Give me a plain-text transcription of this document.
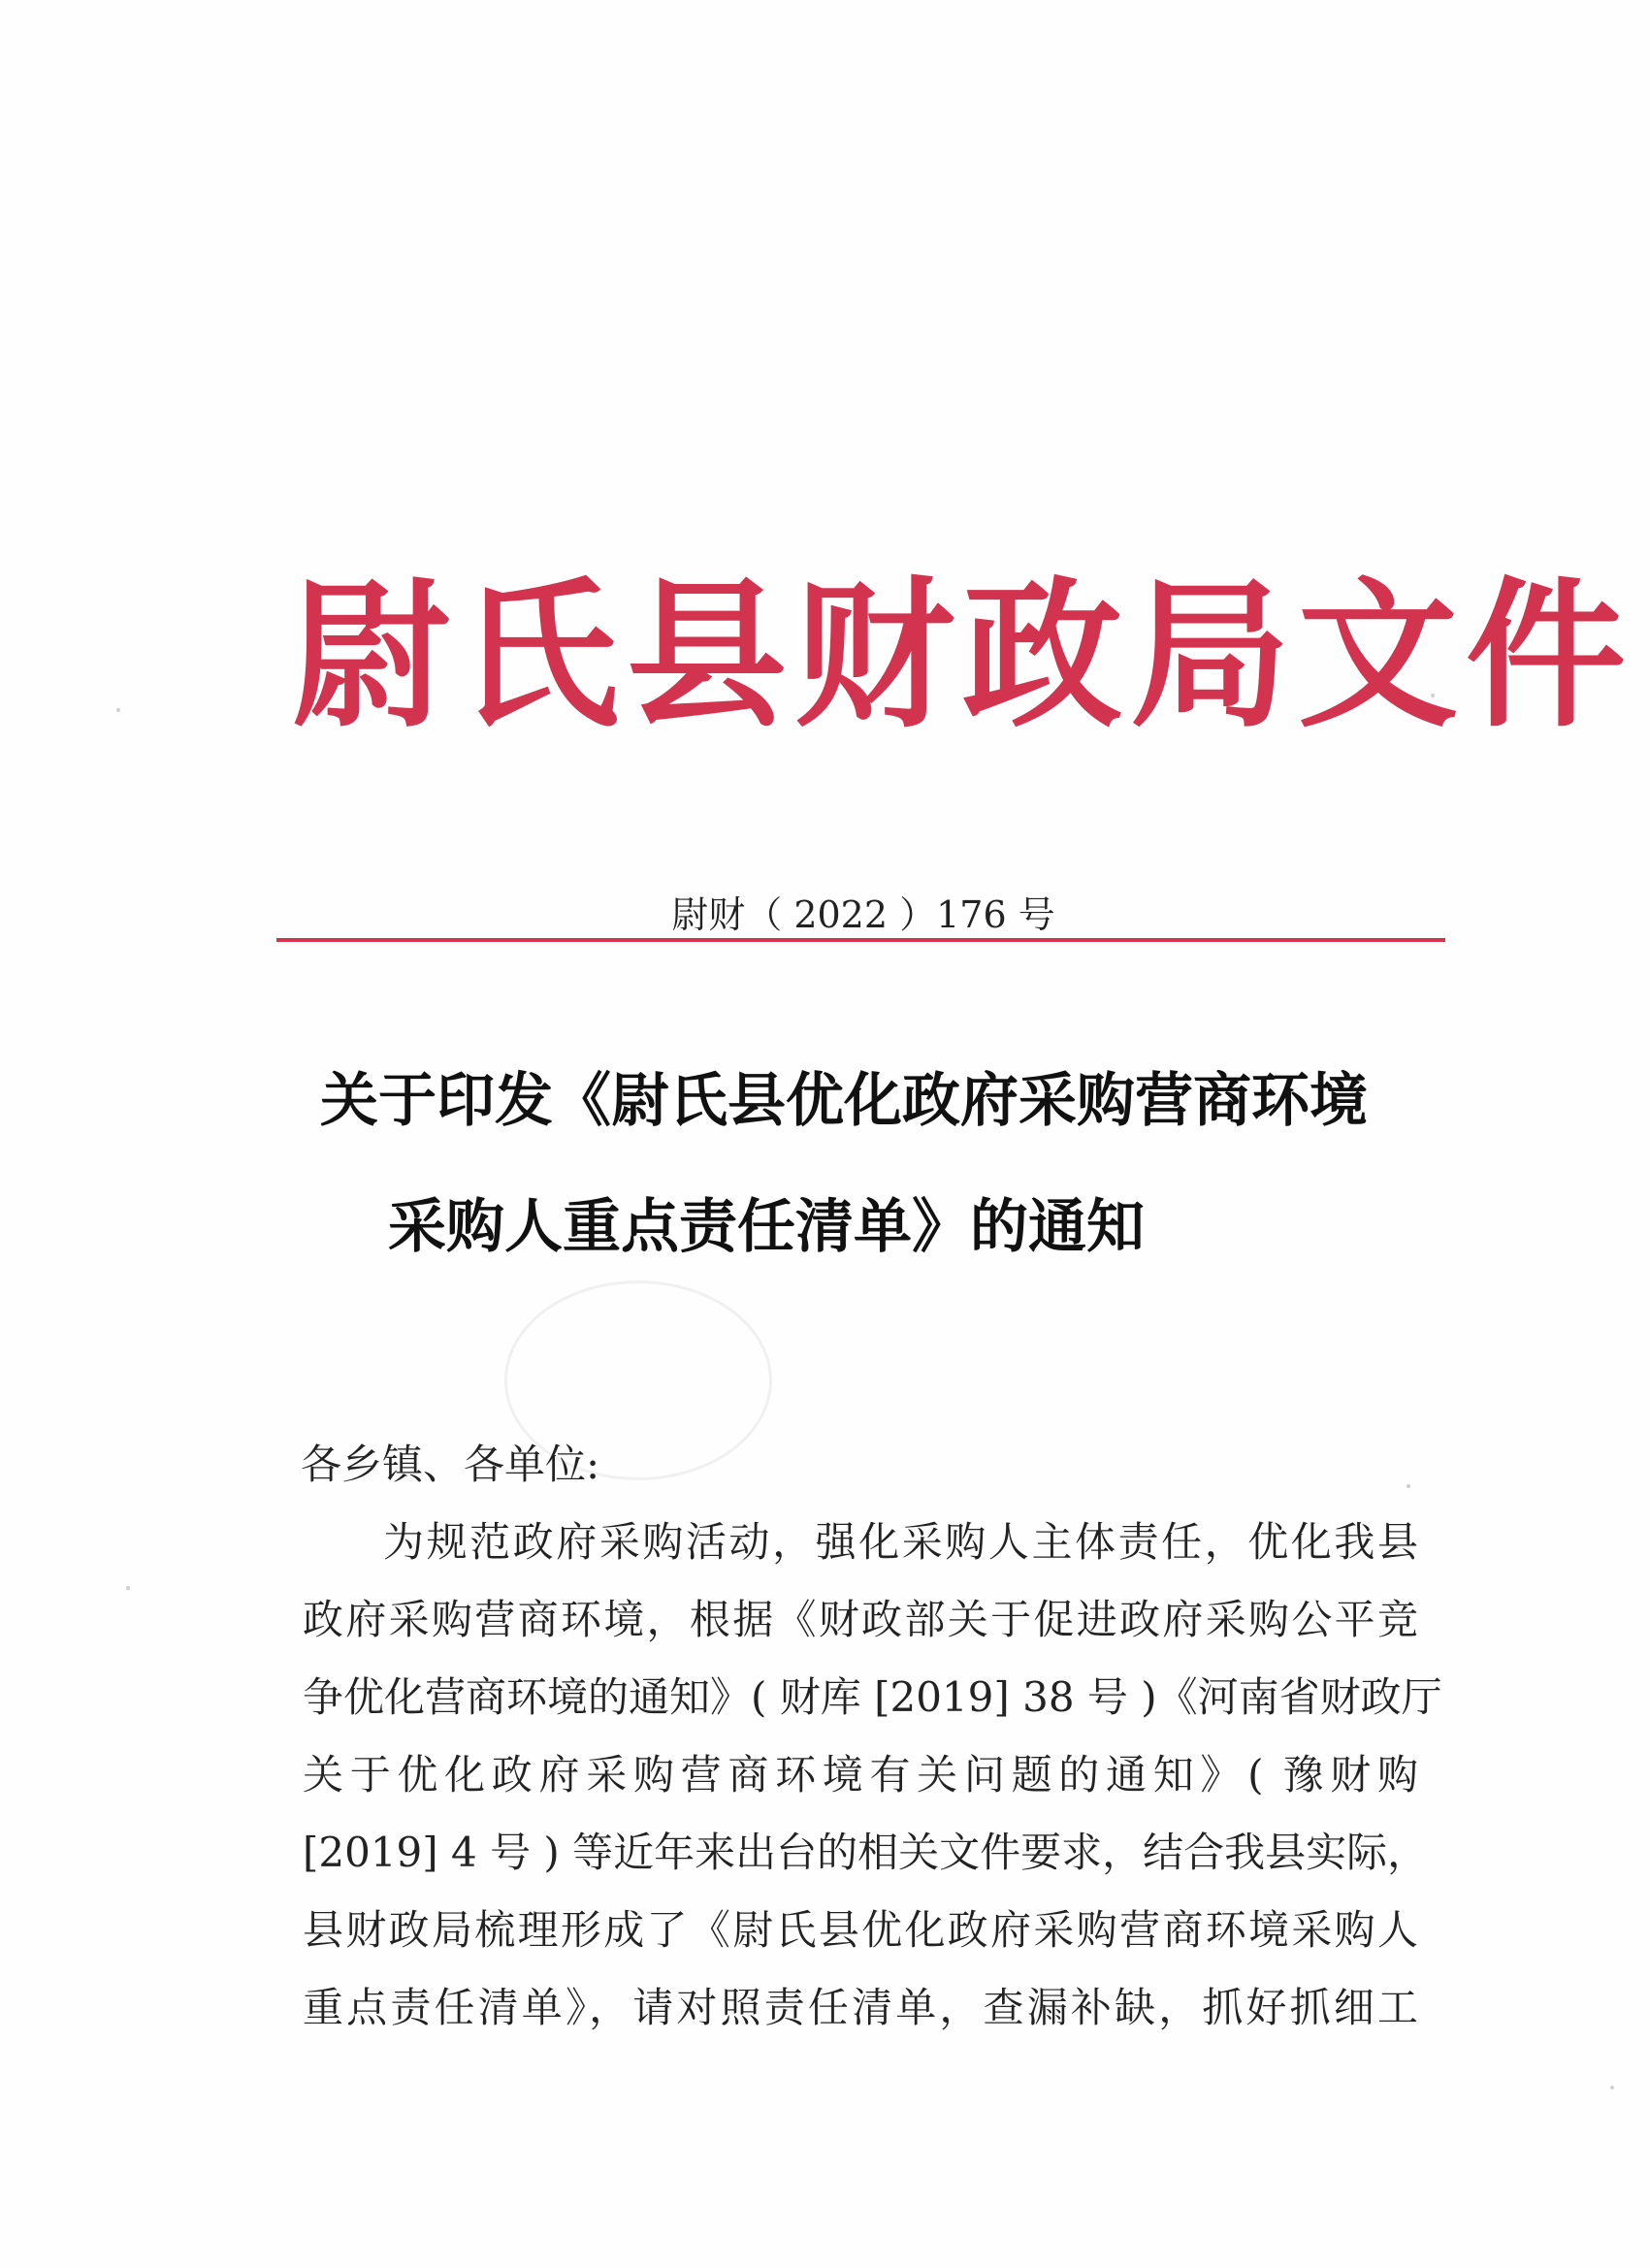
尉氏县财政局文件
尉财（ 2022 ）176 号
关于印发《尉氏县优化政府采购营商环境
采购人重点责任清单》的通知
各乡镇、各单位:
为规范政府采购活动，强化采购人主体责任，优化我县
政府采购营商环境，根据《财政部关于促进政府采购公平竞
争优化营商环境的通知》( 财库 [2019] 38 号 )《河南省财政厅
关于优化政府采购营商环境有关问题的通知》( 豫财购
[2019] 4 号 ) 等近年来出台的相关文件要求，结合我县实际，
县财政局梳理形成了《尉氏县优化政府采购营商环境采购人
重点责任清单》，请对照责任清单，查漏补缺，抓好抓细工
